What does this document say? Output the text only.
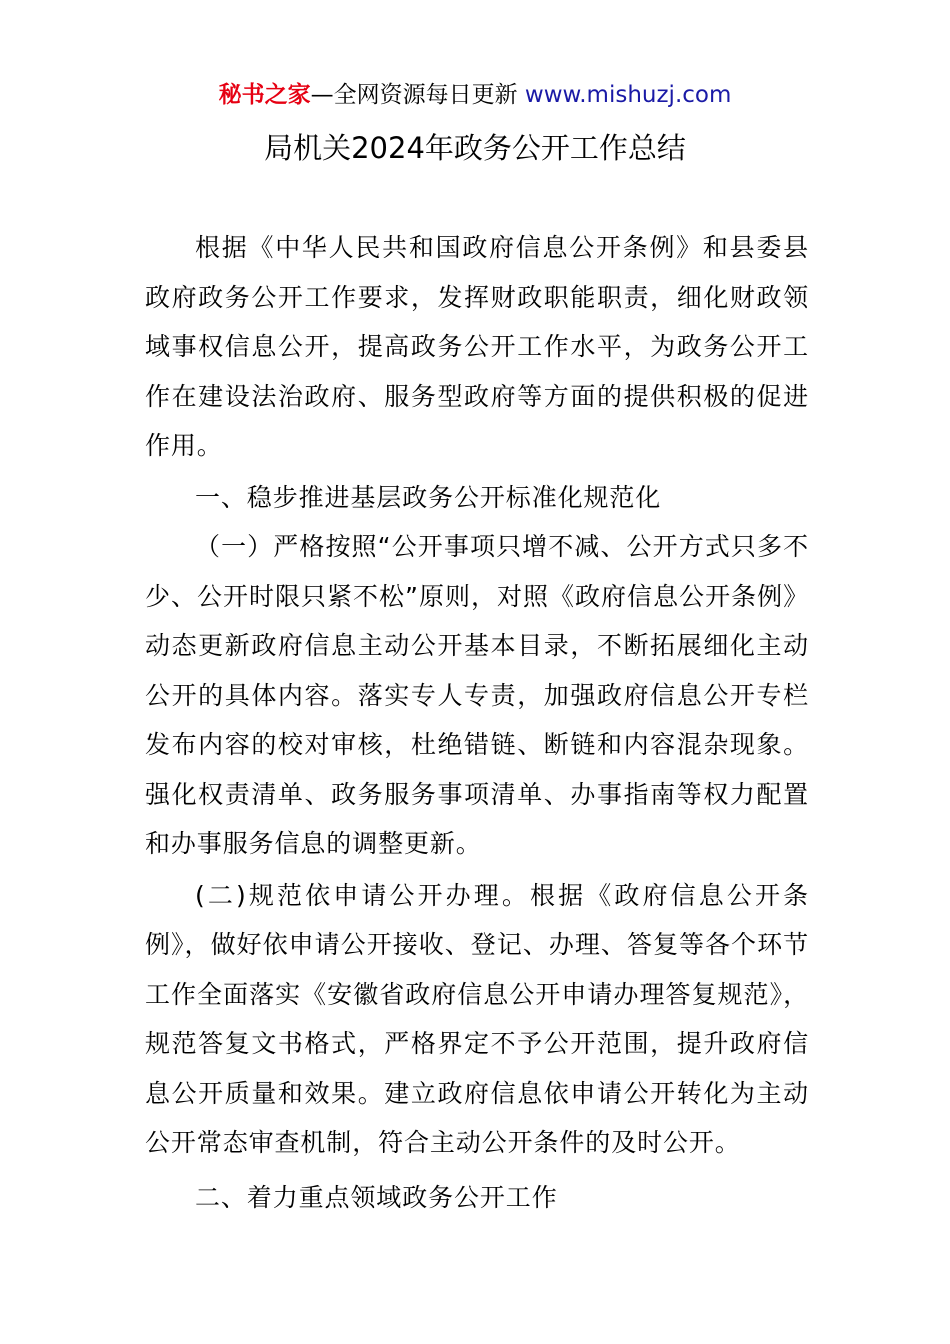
秘书之家—全网资源每日更新 www.mishuzj.com
局机关2024年政务公开工作总结

根据《中华人民共和国政府信息公开条例》和县委县政府政务公开工作要求，发挥财政职能职责，细化财政领域事权信息公开，提高政务公开工作水平，为政务公开工作在建设法治政府、服务型政府等方面的提供积极的促进作用。

一、稳步推进基层政务公开标准化规范化

（一）严格按照“公开事项只增不减、公开方式只多不少、公开时限只紧不松”原则，对照《政府信息公开条例》动态更新政府信息主动公开基本目录，不断拓展细化主动公开的具体内容。落实专人专责，加强政府信息公开专栏发布内容的校对审核，杜绝错链、断链和内容混杂现象。强化权责清单、政务服务事项清单、办事指南等权力配置和办事服务信息的调整更新。

(二)规范依申请公开办理。根据《政府信息公开条例》，做好依申请公开接收、登记、办理、答复等各个环节工作全面落实《安徽省政府信息公开申请办理答复规范》，规范答复文书格式，严格界定不予公开范围，提升政府信息公开质量和效果。建立政府信息依申请公开转化为主动公开常态审查机制，符合主动公开条件的及时公开。

二、着力重点领域政务公开工作
